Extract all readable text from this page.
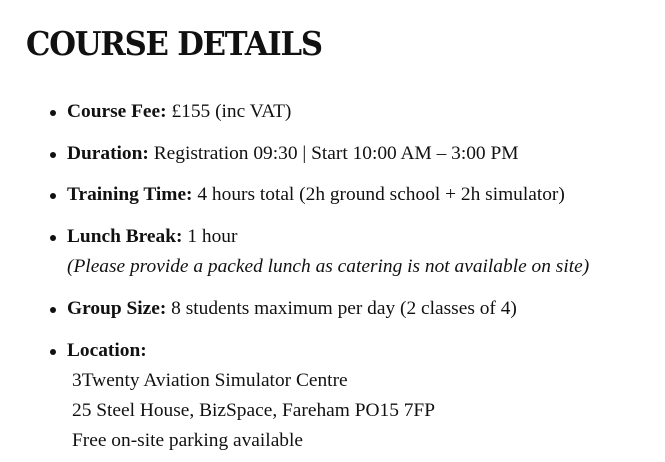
COURSE DETAILS
Course Fee: £155 (inc VAT)
Duration: Registration 09:30 | Start 10:00 AM – 3:00 PM
Training Time: 4 hours total (2h ground school + 2h simulator)
Lunch Break: 1 hour
(Please provide a packed lunch as catering is not available on site)
Group Size: 8 students maximum per day (2 classes of 4)
Location:
3Twenty Aviation Simulator Centre
25 Steel House, BizSpace, Fareham PO15 7FP
Free on-site parking available
